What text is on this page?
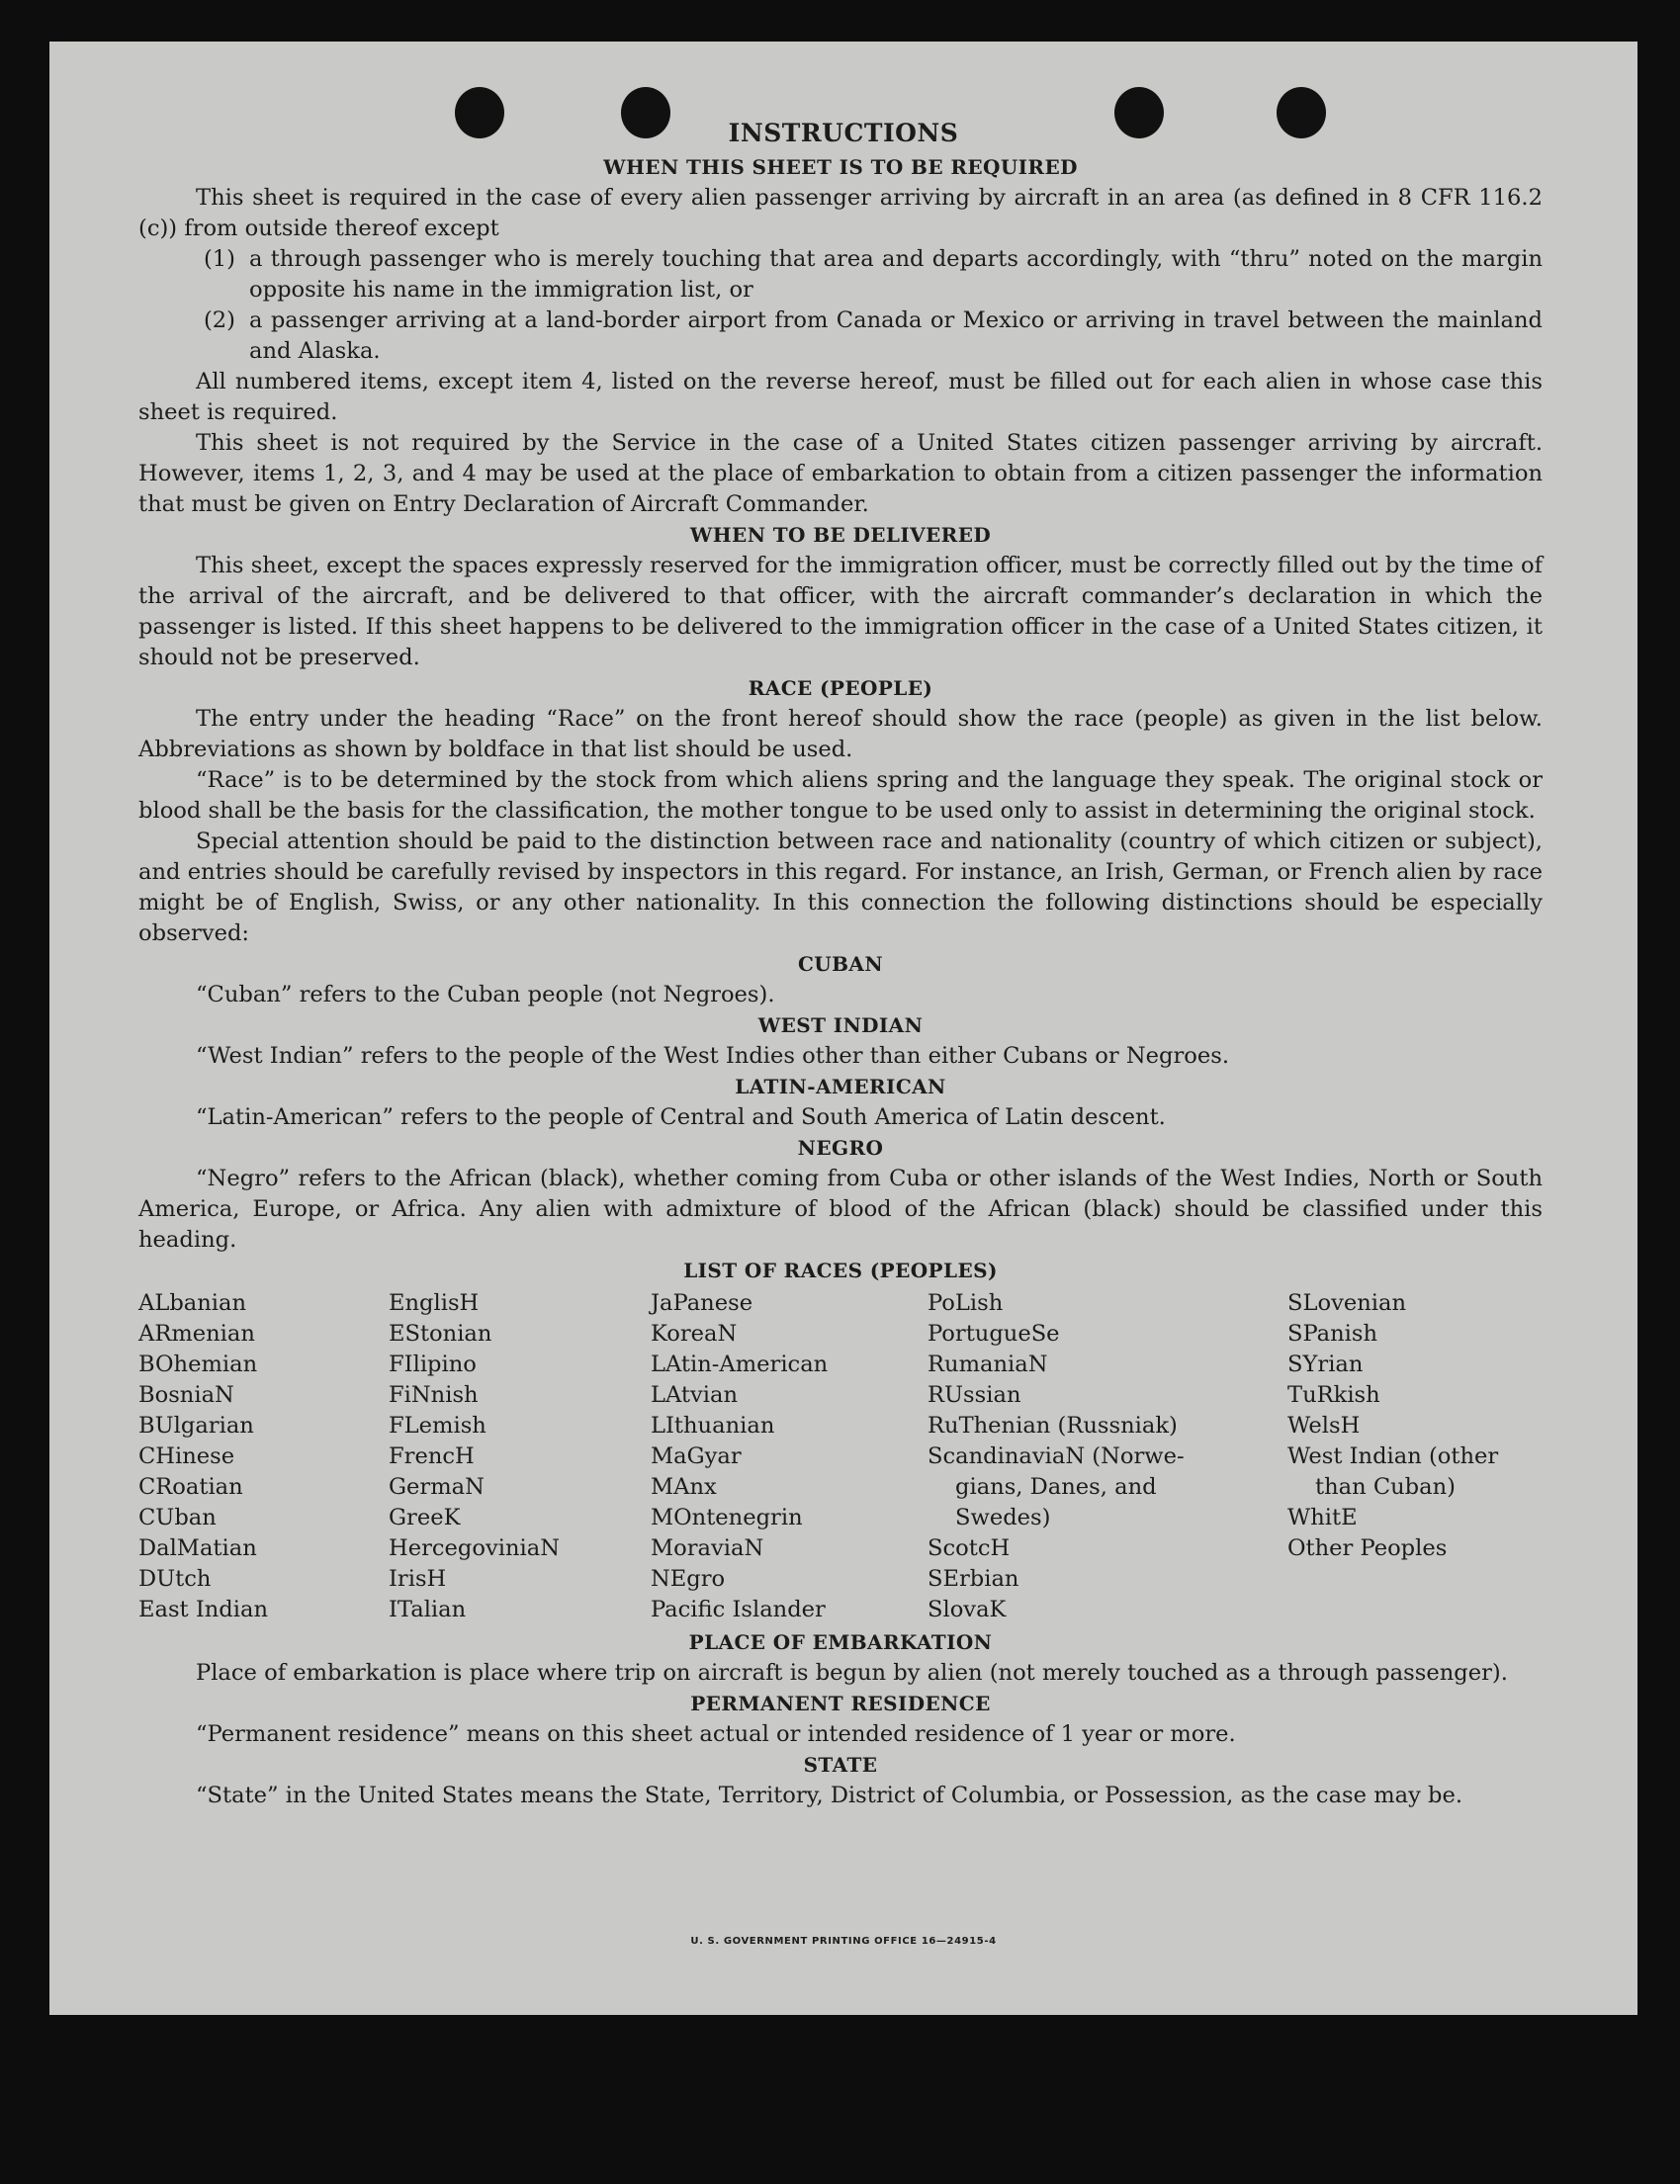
INSTRUCTIONS
WHEN THIS SHEET IS TO BE REQUIRED

This sheet is required in the case of every alien passenger arriving by aircraft in an area (as defined in 8 CFR 116.2 (c)) from outside thereof except

(1) a through passenger who is merely touching that area and departs accordingly, with “thru” noted on the margin opposite his name in the immigration list, or
(2) a passenger arriving at a land-border airport from Canada or Mexico or arriving in travel between the mainland and Alaska.

All numbered items, except item 4, listed on the reverse hereof, must be filled out for each alien in whose case this sheet is required.

This sheet is not required by the Service in the case of a United States citizen passenger arriving by aircraft. However, items 1, 2, 3, and 4 may be used at the place of embarkation to obtain from a citizen passenger the information that must be given on Entry Declaration of Aircraft Commander.

WHEN TO BE DELIVERED

This sheet, except the spaces expressly reserved for the immigration officer, must be correctly filled out by the time of the arrival of the aircraft, and be delivered to that officer, with the aircraft commander’s declaration in which the passenger is listed. If this sheet happens to be delivered to the immigration officer in the case of a United States citizen, it should not be preserved.

RACE (PEOPLE)

The entry under the heading “Race” on the front hereof should show the race (people) as given in the list below. Abbreviations as shown by boldface in that list should be used.

“Race” is to be determined by the stock from which aliens spring and the language they speak. The original stock or blood shall be the basis for the classification, the mother tongue to be used only to assist in determining the original stock.

Special attention should be paid to the distinction between race and nationality (country of which citizen or subject), and entries should be carefully revised by inspectors in this regard. For instance, an Irish, German, or French alien by race might be of English, Swiss, or any other nationality. In this connection the following distinctions should be especially observed:

CUBAN

“Cuban” refers to the Cuban people (not Negroes).

WEST INDIAN

“West Indian” refers to the people of the West Indies other than either Cubans or Negroes.

LATIN-AMERICAN

“Latin-American” refers to the people of Central and South America of Latin descent.

NEGRO

“Negro” refers to the African (black), whether coming from Cuba or other islands of the West Indies, North or South America, Europe, or Africa. Any alien with admixture of blood of the African (black) should be classified under this heading.

LIST OF RACES (PEOPLES)
ALbanian
ARmenian
BOhemian
BosniaN
BUlgarian
CHinese
CRoatian
CUban
DalMatian
DUtch
East Indian
EnglisH
EStonian
FIlipino
FiNnish
FLemish
FrencH
GermaN
GreeK
HercegovinіaN
IrisH
ITalian
JaPanese
KoreaN
LAtin-American
LAtvian
LIthuanian
MaGyar
MAnx
MOntenegrin
MoraviaN
NEgro
Pacific Islander
PoLish
PortugueSe
RumaniaN
RUssian
RuThenian (Russniak)
ScandinaviaN (Norwe-
gians, Danes, and
Swedes)
ScotcH
SErbian
SlovaK
SLovenian
SPanish
SYrian
TuRkish
WelsH
West Indian (other
than Cuban)
WhitE
Other Peoples
PLACE OF EMBARKATION

Place of embarkation is place where trip on aircraft is begun by alien (not merely touched as a through passenger).

PERMANENT RESIDENCE

“Permanent residence” means on this sheet actual or intended residence of 1 year or more.

STATE

“State” in the United States means the State, Territory, District of Columbia, or Possession, as the case may be.

U. S. GOVERNMENT PRINTING OFFICE 16—24915-4
